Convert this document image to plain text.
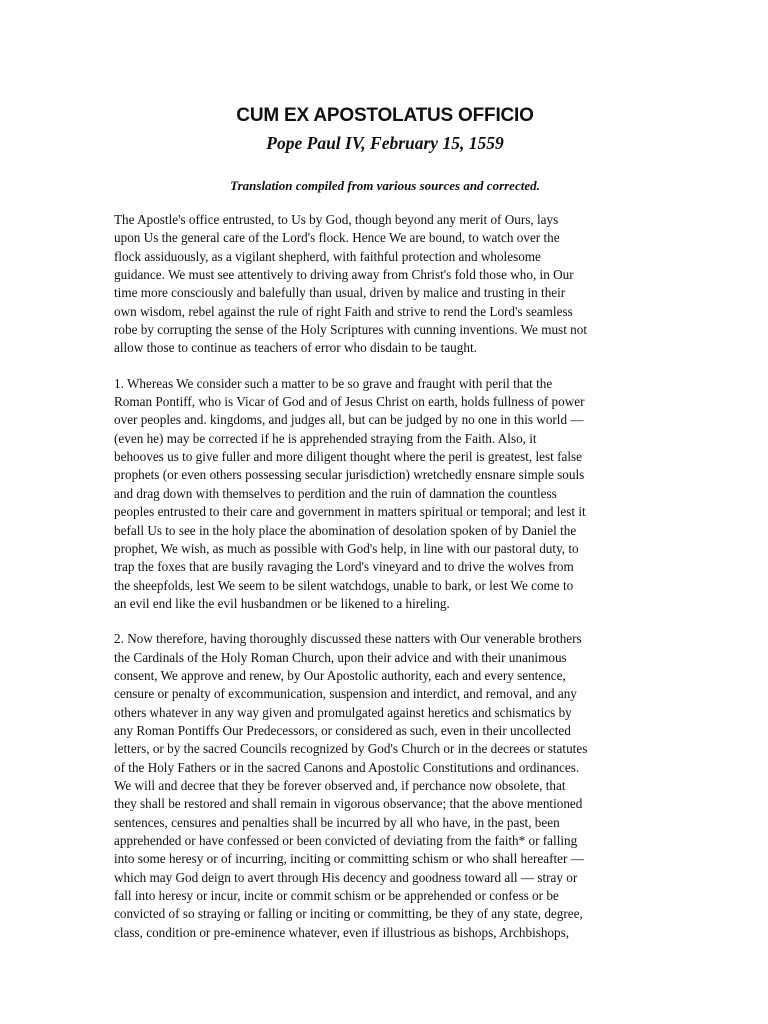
CUM EX APOSTOLATUS OFFICIO
Pope Paul IV, February 15, 1559
Translation compiled from various sources and corrected.

The Apostle's office entrusted, to Us by God, though beyond any merit of Ours, lays
upon Us the general care of the Lord's flock. Hence We are bound, to watch over the
flock assiduously, as a vigilant shepherd, with faithful protection and wholesome
guidance. We must see attentively to driving away from Christ's fold those who, in Our
time more consciously and balefully than usual, driven by malice and trusting in their
own wisdom, rebel against the rule of right Faith and strive to rend the Lord's seamless
robe by corrupting the sense of the Holy Scriptures with cunning inventions. We must not
allow those to continue as teachers of error who disdain to be taught.

1. Whereas We consider such a matter to be so grave and fraught with peril that the
Roman Pontiff, who is Vicar of God and of Jesus Christ on earth, holds fullness of power
over peoples and. kingdoms, and judges all, but can be judged by no one in this world —
(even he) may be corrected if he is apprehended straying from the Faith. Also, it
behooves us to give fuller and more diligent thought where the peril is greatest, lest false
prophets (or even others possessing secular jurisdiction) wretchedly ensnare simple souls
and drag down with themselves to perdition and the ruin of damnation the countless
peoples entrusted to their care and government in matters spiritual or temporal; and lest it
befall Us to see in the holy place the abomination of desolation spoken of by Daniel the
prophet, We wish, as much as possible with God's help, in line with our pastoral duty, to
trap the foxes that are busily ravaging the Lord's vineyard and to drive the wolves from
the sheepfolds, lest We seem to be silent watchdogs, unable to bark, or lest We come to
an evil end like the evil husbandmen or be likened to a hireling.

2. Now therefore, having thoroughly discussed these natters with Our venerable brothers
the Cardinals of the Holy Roman Church, upon their advice and with their unanimous
consent, We approve and renew, by Our Apostolic authority, each and every sentence,
censure or penalty of excommunication, suspension and interdict, and removal, and any
others whatever in any way given and promulgated against heretics and schismatics by
any Roman Pontiffs Our Predecessors, or considered as such, even in their uncollected
letters, or by the sacred Councils recognized by God's Church or in the decrees or statutes
of the Holy Fathers or in the sacred Canons and Apostolic Constitutions and ordinances.
We will and decree that they be forever observed and, if perchance now obsolete, that
they shall be restored and shall remain in vigorous observance; that the above mentioned
sentences, censures and penalties shall be incurred by all who have, in the past, been
apprehended or have confessed or been convicted of deviating from the faith* or falling
into some heresy or of incurring, inciting or committing schism or who shall hereafter —
which may God deign to avert through His decency and goodness toward all — stray or
fall into heresy or incur, incite or commit schism or be apprehended or confess or be
convicted of so straying or falling or inciting or committing, be they of any state, degree,
class, condition or pre-eminence whatever, even if illustrious as bishops, Archbishops,
